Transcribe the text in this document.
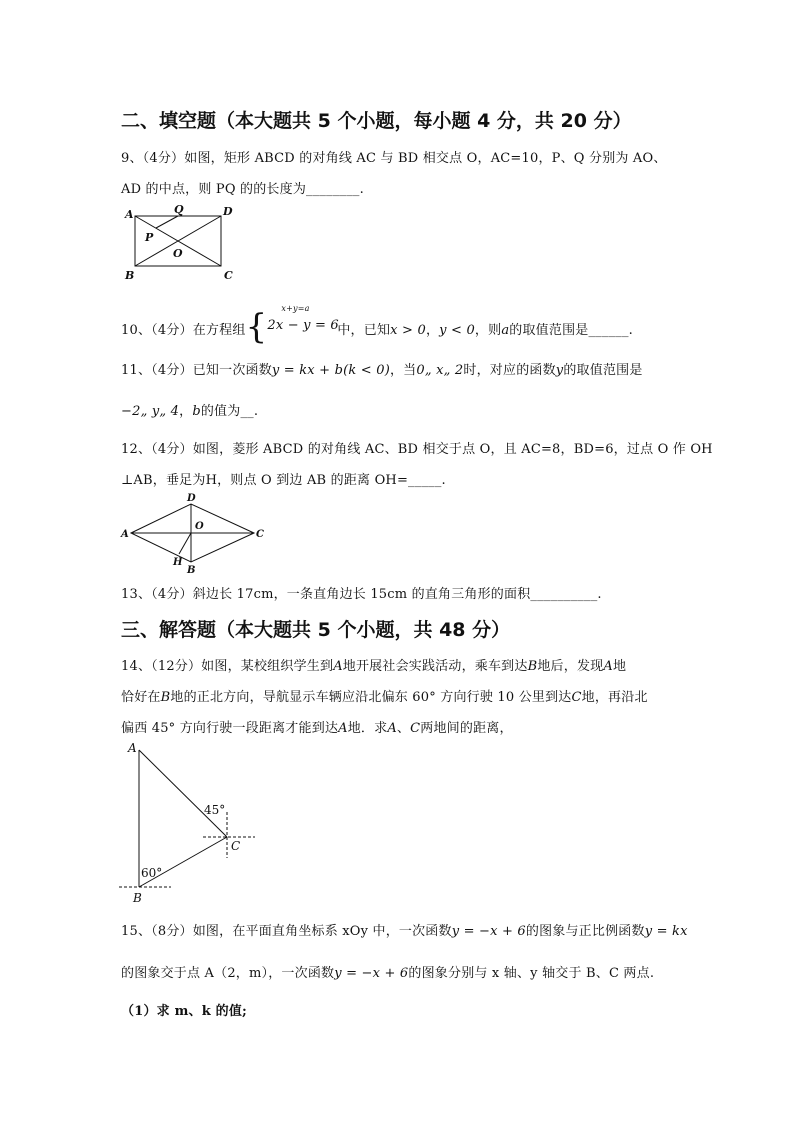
二、填空题（本大题共 5 个小题，每小题 4 分，共 20 分）
9、（4分）如图，矩形 ABCD 的对角线 AC 与 BD 相交点 O，AC=10，P、Q 分别为 AO、
AD 的中点，则 PQ 的的长度为________.
A	Q	D
P
O
B	C
10、（4分）在方程组{ x+y=a
2x − y = 6
中，已知x > 0，y < 0，则a的取值范围是______.
11、（4分）已知一次函数y = kx + b(k < 0)，当0„ x„ 2时，对应的函数y的取值范围是
−2„ y„ 4，b的值为__.
12、（4分）如图，菱形 ABCD 的对角线 AC、BD 相交于点 O，且 AC=8，BD=6，过点 O 作 OH
⊥AB，垂足为H，则点 O 到边 AB 的距离 OH=_____.
A
D
O
C
H
B
13、（4分）斜边长 17cm，一条直角边长 15cm 的直角三角形的面积__________.
三、解答题（本大题共 5 个小题，共 48 分）
14、（12分）如图，某校组织学生到A地开展社会实践活动，乘车到达B地后，发现A地
恰好在B地的正北方向，导航显示车辆应沿北偏东 60° 方向行驶 10 公里到达C地，再沿北
偏西 45° 方向行驶一段距离才能到达A地．求A、C两地间的距离，
A
C
B
45°
60°
15、（8分）如图，在平面直角坐标系 xOy 中，一次函数y = −x + 6的图象与正比例函数y = kx
的图象交于点 A（2，m），一次函数y = −x + 6的图象分别与 x 轴、y 轴交于 B、C 两点.
（1）求 m、k 的值;
